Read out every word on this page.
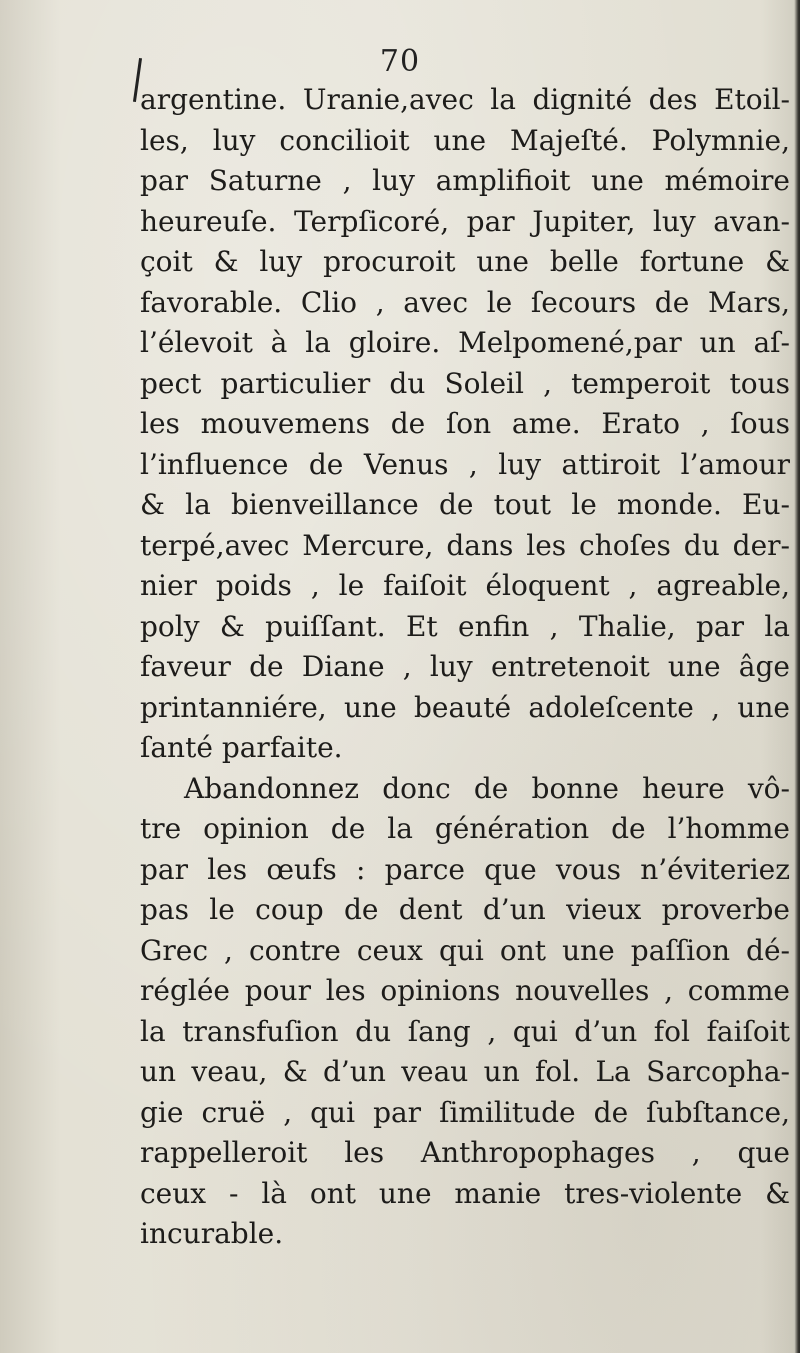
70
argentine. Uranie,avec la dignité des Etoil-
les, luy concilioit une Majeſté. Polymnie,
par Saturne , luy amplifioit une mémoire
heureuſe. Terpſicoré, par Jupiter, luy avan-
çoit & luy procuroit une belle fortune &
favorable. Clio , avec le ſecours de Mars,
l’élevoit à la gloire. Melpomené,par un aſ-
pect particulier du Soleil , temperoit tous
les mouvemens de ſon ame. Erato , ſous
l’influence de Venus , luy attiroit l’amour
& la bienveillance de tout le monde. Eu-
terpé,avec Mercure, dans les choſes du der-
nier poids , le faiſoit éloquent , agreable,
poly & puiſſant. Et enfin , Thalie, par la
faveur de Diane , luy entretenoit une âge
printanniére, une beauté adoleſcente , une
ſanté parfaite.
Abandonnez donc de bonne heure vô-
tre opinion de la génération de l’homme
par les œufs : parce que vous n’éviteriez
pas le coup de dent d’un vieux proverbe
Grec , contre ceux qui ont une paſſion dé-
réglée pour les opinions nouvelles , comme
la transfuſion du ſang , qui d’un fol faiſoit
un veau, & d’un veau un fol. La Sarcopha-
gie cruë , qui par ſimilitude de ſubſtance,
rappelleroit les Anthropophages , que
ceux - là ont une manie tres-violente &
incurable.
